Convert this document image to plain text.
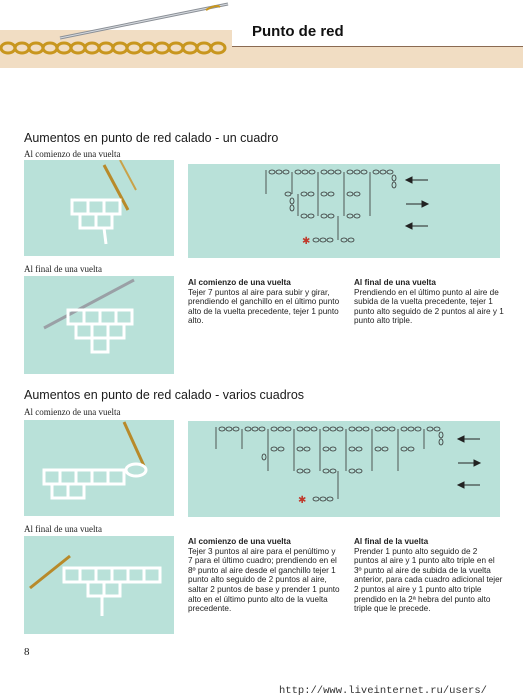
Punto de red
Aumentos en punto de red calado - un cuadro
Al comienzo de una vuelta
Al final de una vuelta
✱
Al comienzo de una vuelta
Tejer 7 puntos al aire para subir y girar, prendiendo el ganchillo en el último punto alto de la vuelta precedente, tejer 1 punto alto.
Al final de una vuelta
Prendiendo en el último punto al aire de subida de la vuelta precedente, tejer 1 punto alto seguido de 2 puntos al aire y 1 punto alto triple.
Aumentos en punto de red calado - varios cuadros
Al comienzo de una vuelta
Al final de una vuelta
✱
Al comienzo de una vuelta
Tejer 3 puntos al aire para el penúltimo y 7 para el último cuadro; prendiendo en el 8º punto al aire desde el ganchillo tejer 1 punto alto seguido de 2 puntos al aire, saltar 2 puntos de base y prender 1 punto alto en el último punto alto de la vuelta precedente.
Al final de la vuelta
Prender 1 punto alto seguido de 2 puntos al aire y 1 punto alto triple en el 3º punto al aire de subida de la vuelta anterior, para cada cuadro adicional tejer 2 puntos al aire y 1 punto alto triple prendido en la 2ª hebra del punto alto triple que le precede.
8
http://www.liveinternet.ru/users/
